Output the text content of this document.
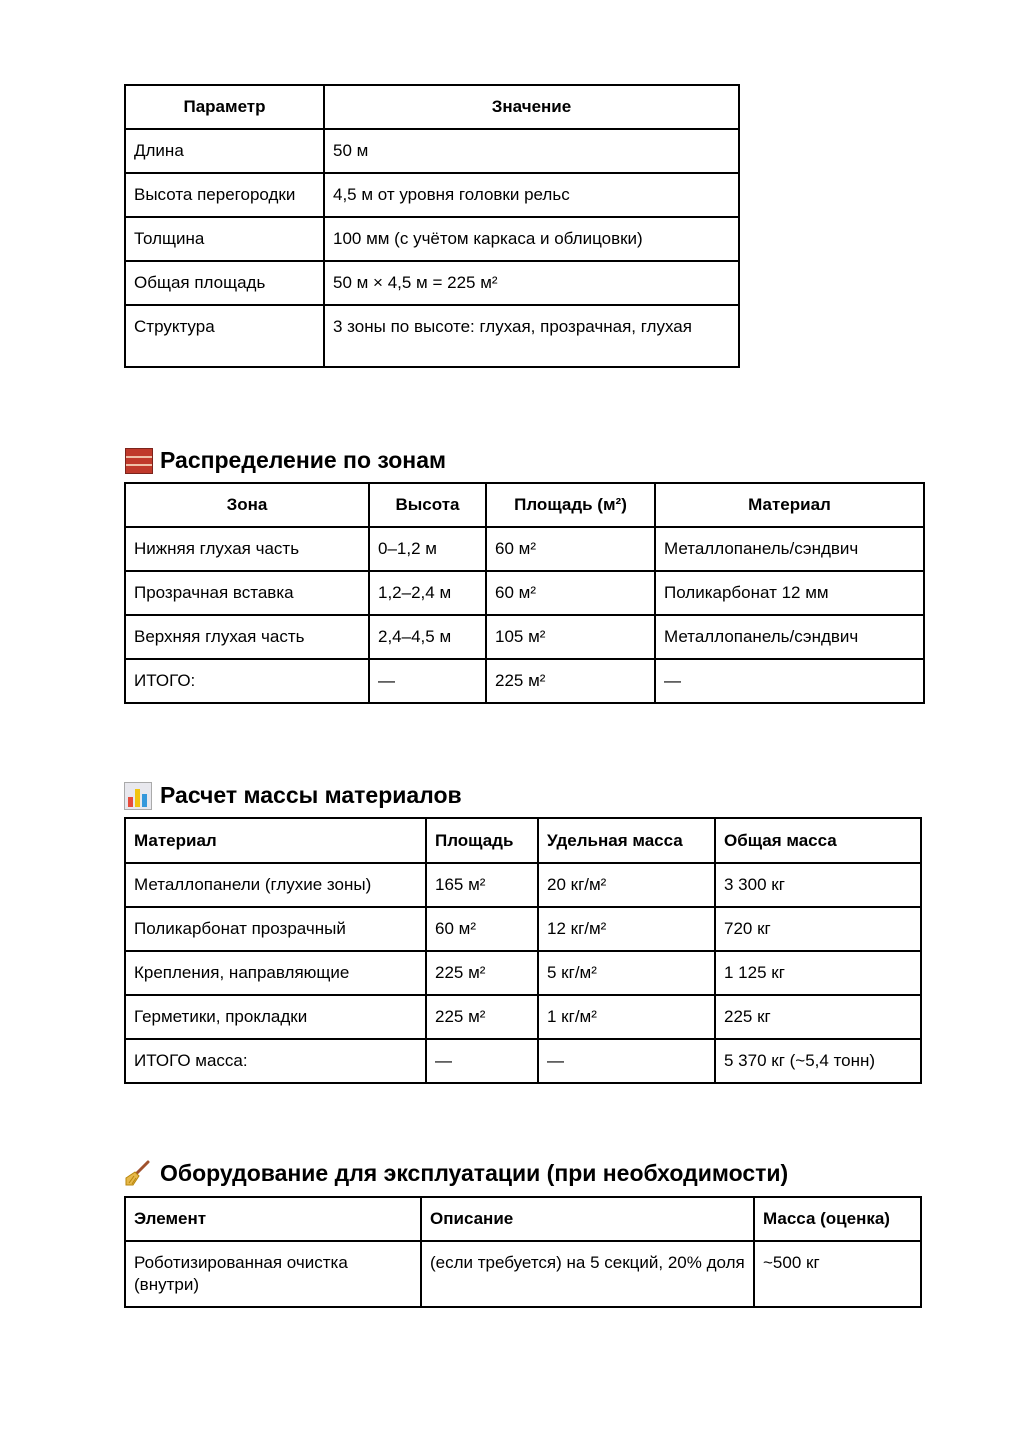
Параметр	Значение
Длина	50 м
Высота перегородки	4,5 м от уровня головки рельс
Толщина	100 мм (с учётом каркаса и облицовки)
Общая площадь	50 м × 4,5 м = 225 м²
Структура	3 зоны по высоте: глухая, прозрачная, глухая
Распределение по зонам
Зона	Высота	Площадь (м²)	Материал
Нижняя глухая часть	0–1,2 м	60 м²	Металлопанель/сэндвич
Прозрачная вставка	1,2–2,4 м	60 м²	Поликарбонат 12 мм
Верхняя глухая часть	2,4–4,5 м	105 м²	Металлопанель/сэндвич
ИТОГО:	—	225 м²	—
Расчет массы материалов
Материал	Площадь	Удельная масса	Общая масса
Металлопанели (глухие зоны)	165 м²	20 кг/м²	3 300 кг
Поликарбонат прозрачный	60 м²	12 кг/м²	720 кг
Крепления, направляющие	225 м²	5 кг/м²	1 125 кг
Герметики, прокладки	225 м²	1 кг/м²	225 кг
ИТОГО масса:	—	—	5 370 кг (~5,4 тонн)
Оборудование для эксплуатации (при необходимости)
Элемент	Описание	Масса (оценка)
Роботизированная очистка (внутри)	(если требуется) на 5 секций, 20% доля	~500 кг
